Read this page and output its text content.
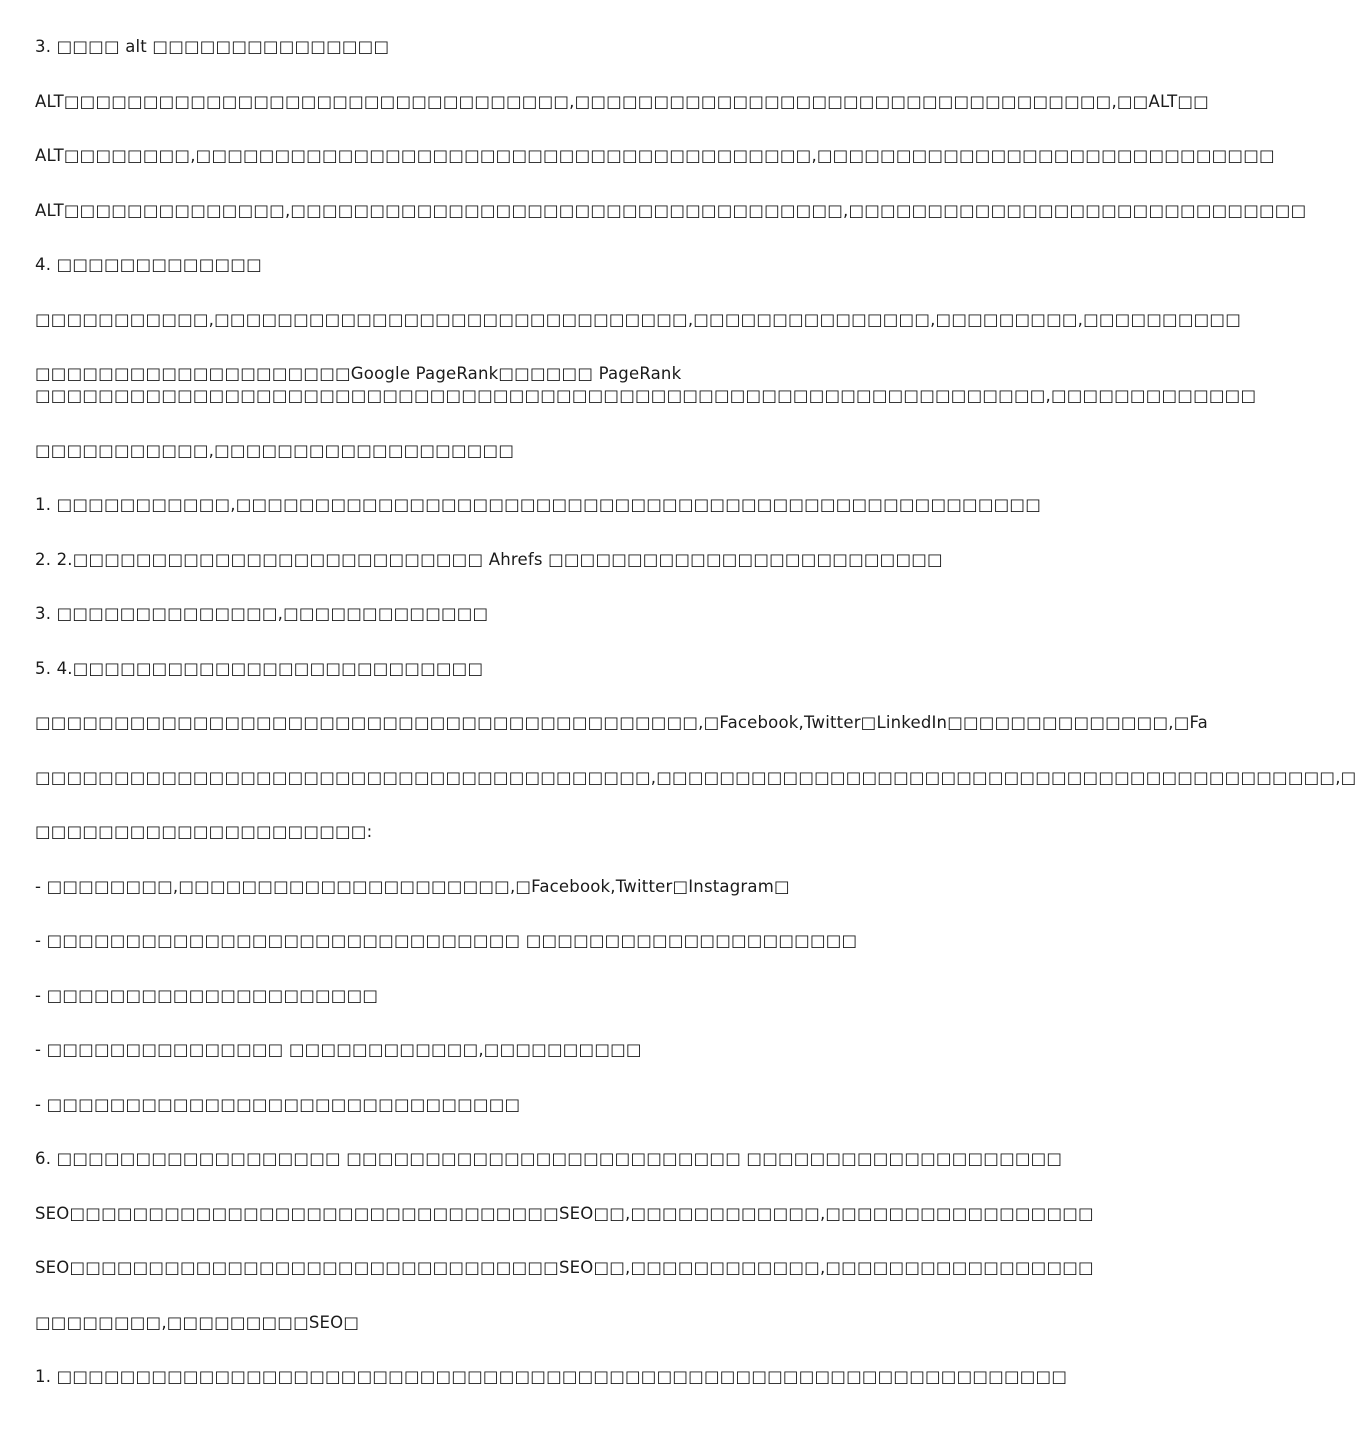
3. □□□□ alt □□□□□□□□□□□□□□□
ALT□□□□□□□□□□□□□□□□□□□□□□□□□□□□□□□□,□□□□□□□□□□□□□□□□□□□□□□□□□□□□□□□□□□,□□ALT□□
ALT□□□□□□□□,□□□□□□□□□□□□□□□□□□□□□□□□□□□□□□□□□□□□□□□,□□□□□□□□□□□□□□□□□□□□□□□□□□□□□
ALT□□□□□□□□□□□□□□,□□□□□□□□□□□□□□□□□□□□□□□□□□□□□□□□□□□,□□□□□□□□□□□□□□□□□□□□□□□□□□□□□
4. □□□□□□□□□□□□□
□□□□□□□□□□□,□□□□□□□□□□□□□□□□□□□□□□□□□□□□□□,□□□□□□□□□□□□□□□,□□□□□□□□□,□□□□□□□□□□
□□□□□□□□□□□□□□□□□□□□Google PageRank□□□□□□ PageRank
□□□□□□□□□□□□□□□□□□□□□□□□□□□□□□□□□□□□□□□□□□□□□□□□□□□□□□□□□□□□□□□□,□□□□□□□□□□□□□
□□□□□□□□□□□,□□□□□□□□□□□□□□□□□□□
1. □□□□□□□□□□□,□□□□□□□□□□□□□□□□□□□□□□□□□□□□□□□□□□□□□□□□□□□□□□□□□□□
2. 2.□□□□□□□□□□□□□□□□□□□□□□□□□□ Ahrefs □□□□□□□□□□□□□□□□□□□□□□□□□
3. □□□□□□□□□□□□□□,□□□□□□□□□□□□□
5. 4.□□□□□□□□□□□□□□□□□□□□□□□□□□
□□□□□□□□□□□□□□□□□□□□□□□□□□□□□□□□□□□□□□□□□□,□Facebook,Twitter□LinkedIn□□□□□□□□□□□□□□,□Fa
□□□□□□□□□□□□□□□□□□□□□□□□□□□□□□□□□□□□□□□,□□□□□□□□□□□□□□□□□□□□□□□□□□□□□□□□□□□□□□□□□□□,□
□□□□□□□□□□□□□□□□□□□□□:
- □□□□□□□□,□□□□□□□□□□□□□□□□□□□□□,□Facebook,Twitter□Instagram□
- □□□□□□□□□□□□□□□□□□□□□□□□□□□□□□ □□□□□□□□□□□□□□□□□□□□□
- □□□□□□□□□□□□□□□□□□□□□
- □□□□□□□□□□□□□□□ □□□□□□□□□□□□,□□□□□□□□□□
- □□□□□□□□□□□□□□□□□□□□□□□□□□□□□□
6. □□□□□□□□□□□□□□□□□□ □□□□□□□□□□□□□□□□□□□□□□□□□ □□□□□□□□□□□□□□□□□□□□
SEO□□□□□□□□□□□□□□□□□□□□□□□□□□□□□□□SEO□□,□□□□□□□□□□□□,□□□□□□□□□□□□□□□□□
SEO□□□□□□□□□□□□□□□□□□□□□□□□□□□□□□□SEO□□,□□□□□□□□□□□□,□□□□□□□□□□□□□□□□□
□□□□□□□□,□□□□□□□□□SEO□
1. □□□□□□□□□□□□□□□□□□□□□□□□□□□□□□□□□□□□□□□□□□□□□□□□□□□□□□□□□□□□□□□□
